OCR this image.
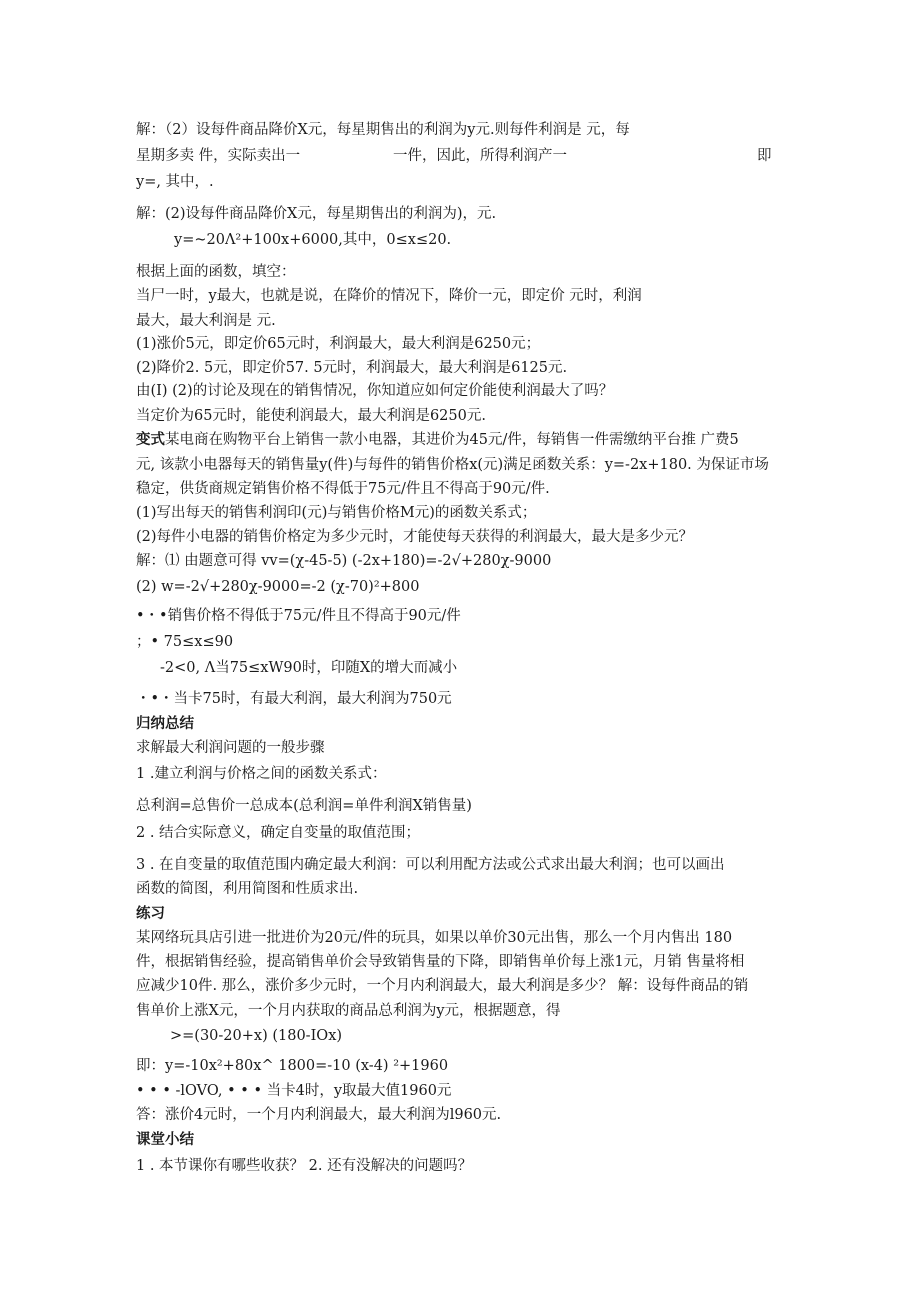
解：（2）设每件商品降价X元，每星期售出的利润为y元.则每件利润是 元，每
星期多卖 件，实际卖出一	一件，因此，所得利润产一	即
y=, 其中，.
解：(2)设每件商品降价X元，每星期售出的利润为)，元.
y=~20Λ²+100x+6000,其中，0≤x≤20.
根据上面的函数，填空：
当尸一时，y最大，也就是说，在降价的情况下，降价一元，即定价 元时，利润
最大，最大利润是 元.
(1)涨价5元，即定价65元时，利润最大，最大利润是6250元；
(2)降价2. 5元，即定价57. 5元时，利润最大，最大利润是6125元.
由(I) (2)的讨论及现在的销售情况，你知道应如何定价能使利润最大了吗？
当定价为65元时，能使利润最大，最大利润是6250元.
变式某电商在购物平台上销售一款小电器，其进价为45元/件，每销售一件需缴纳平台推 广费5
元, 该款小电器每天的销售量y(件)与每件的销售价格x(元)满足函数关系：y=-2x+180. 为保证市场
稳定，供货商规定销售价格不得低于75元/件且不得高于90元/件.
(1)写出每天的销售利润印(元)与销售价格M元)的函数关系式；
(2)每件小电器的销售价格定为多少元时，才能使每天获得的利润最大，最大是多少元？
解：⑴ 由题意可得 vv=(χ-45-5) (-2x+180)=-2√+280χ-9000
(2) w=-2√+280χ-9000=-2 (χ-70)²+800
•・•销售价格不得低于75元/件且不得高于90元/件
；• 75≤x≤90
-2<0, Λ当75≤xW90时，印随X的增大而减小
・•・当卡75时，有最大利润，最大利润为750元
归纳总结
求解最大利润问题的一般步骤
1 .建立利润与价格之间的函数关系式：
总利润=总售价一总成本(总利润=单件利润X销售量)
2 . 结合实际意义，确定自变量的取值范围；
3 . 在自变量的取值范围内确定最大利润：可以利用配方法或公式求出最大利润；也可以画出
函数的简图，利用简图和性质求出.
练习
某网络玩具店引进一批进价为20元/件的玩具，如果以单价30元出售，那么一个月内售出 180
件，根据销售经验，提高销售单价会导致销售量的下降，即销售单价每上涨1元，月销 售量将相
应减少10件. 那么，涨价多少元时，一个月内利润最大，最大利润是多少？ 解：设每件商品的销
售单价上涨X元，一个月内获取的商品总利润为y元，根据题意，得
>=(30-20+x) (180-IOx)
即：y=-10x²+80x^ 1800=-10 (x-4) ²+1960
• • • -lOVO, • • • 当卡4时，y取最大值1960元
答：涨价4元时，一个月内利润最大，最大利润为l960元.
课堂小结
1 . 本节课你有哪些收获？ 2. 还有没解决的问题吗？
